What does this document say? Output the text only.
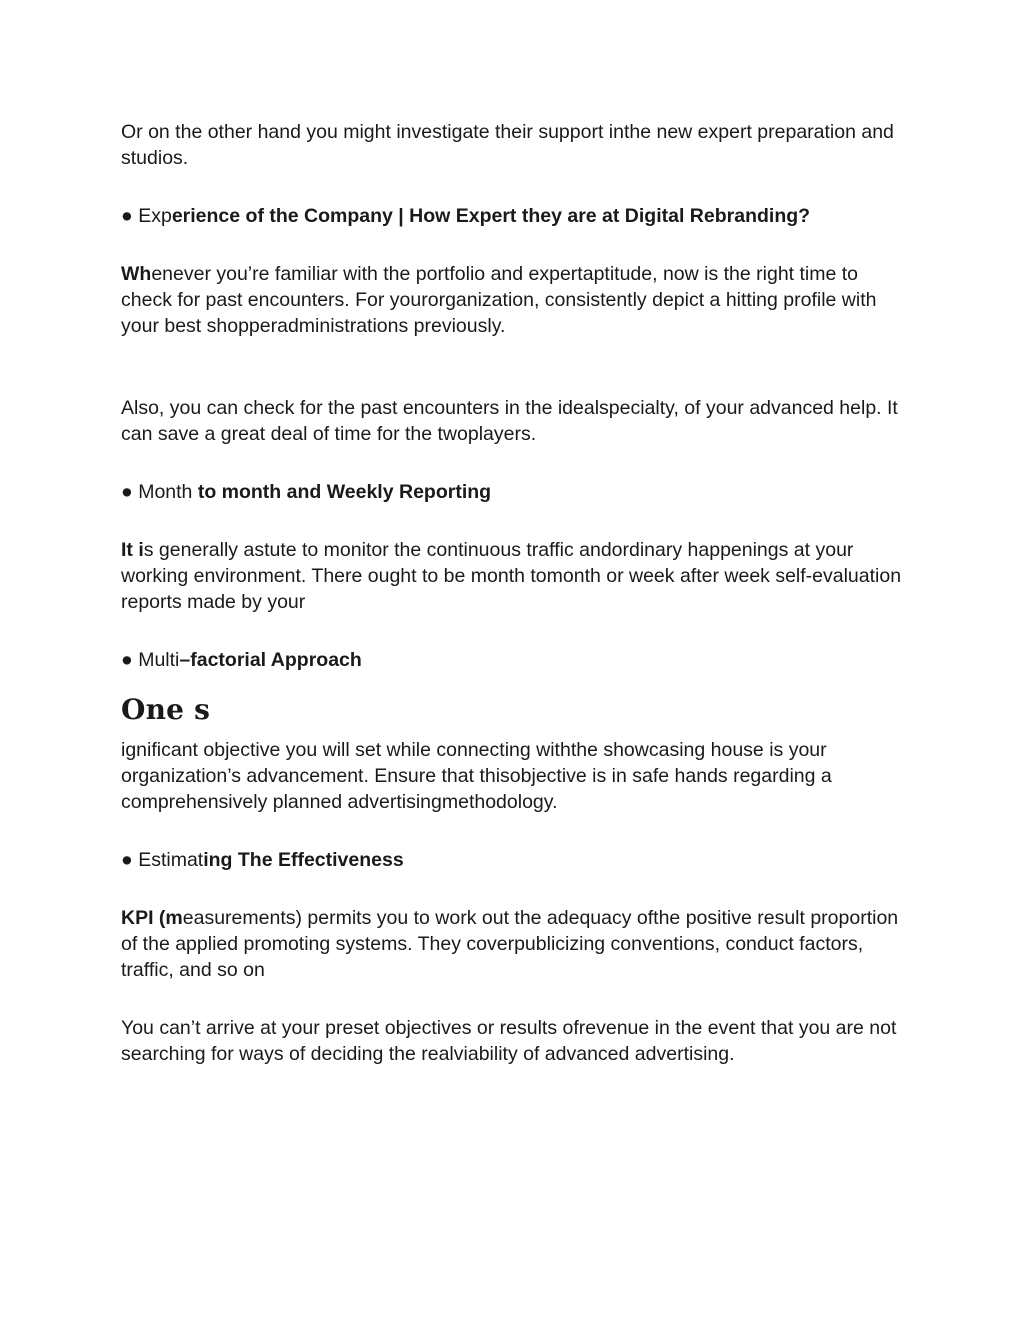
Or on the other hand you might investigate their support inthe new expert preparation and studios.

● Experience of the Company | How Expert they are at Digital Rebranding?

Whenever you’re familiar with the portfolio and expertaptitude, now is the right time to check for past encounters. For yourorganization, consistently depict a hitting profile with your best shopperadministrations previously.

Also, you can check for the past encounters in the idealspecialty, of your advanced help. It can save a great deal of time for the twoplayers.

● Month to month and Weekly Reporting

It is generally astute to monitor the continuous traffic andordinary happenings at your working environment. There ought to be month tomonth or week after week self-evaluation reports made by your

● Multi–factorial Approach

One s

ignificant objective you will set while connecting withthe showcasing house is your organization’s advancement. Ensure that thisobjective is in safe hands regarding a comprehensively planned advertisingmethodology.

● Estimating The Effectiveness

KPI (measurements) permits you to work out the adequacy ofthe positive result proportion of the applied promoting systems. They coverpublicizing conventions, conduct factors, traffic, and so on

You can’t arrive at your preset objectives or results ofrevenue in the event that you are not searching for ways of deciding the realviability of advanced advertising.
